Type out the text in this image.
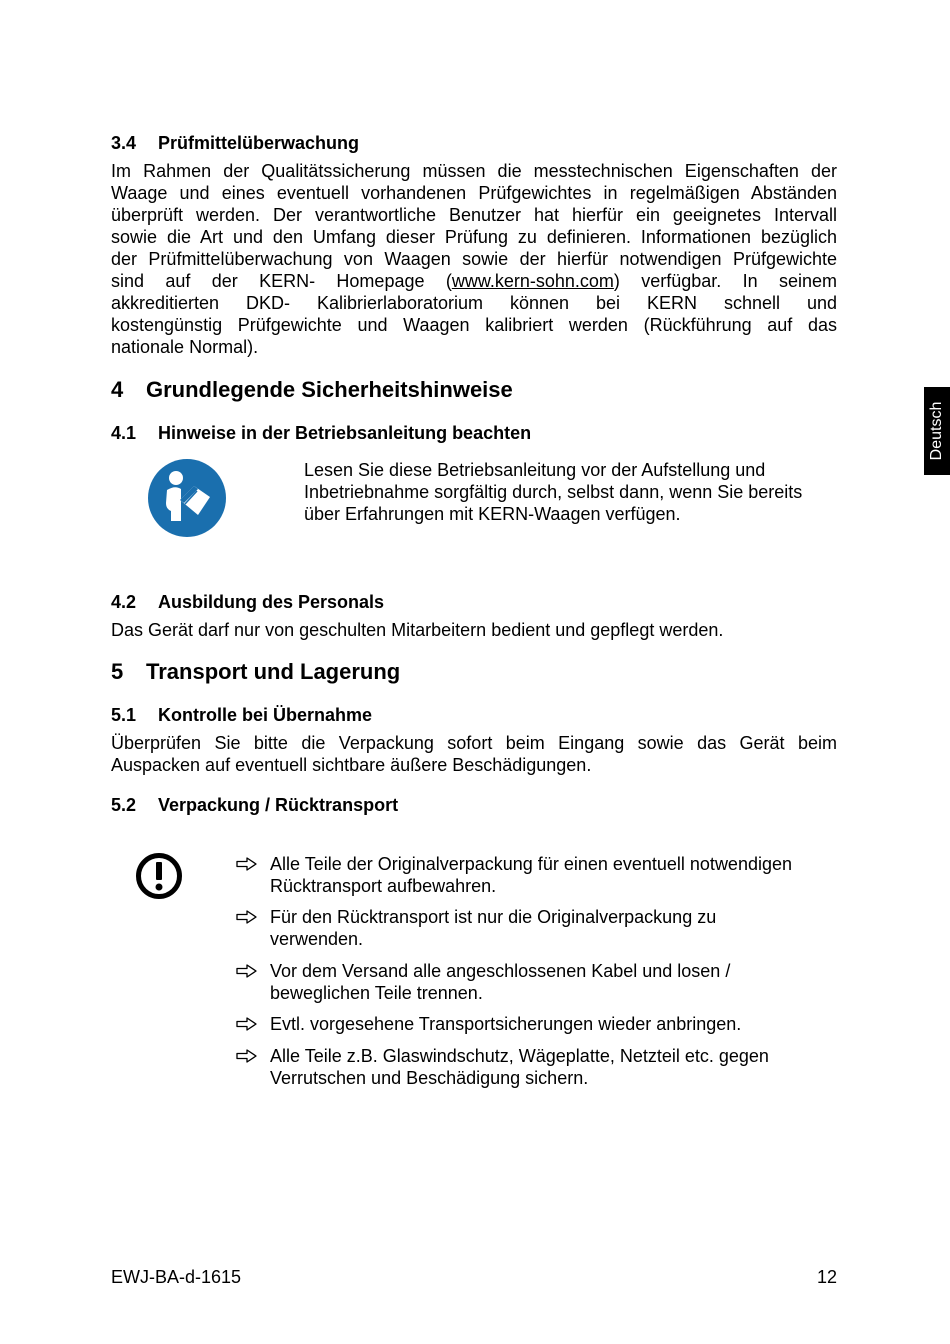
Deutsch
3.4 Prüfmittelüberwachung
Im Rahmen der Qualitätssicherung müssen die messtechnischen Eigenschaften der
Waage und eines eventuell vorhandenen Prüfgewichtes in regelmäßigen Abständen
überprüft werden. Der verantwortliche Benutzer hat hierfür ein geeignetes Intervall
sowie die Art und den Umfang dieser Prüfung zu definieren. Informationen bezüglich
der Prüfmittelüberwachung von Waagen sowie der hierfür notwendigen Prüfgewichte
sind auf der KERN- Homepage (www.kern-sohn.com) verfügbar. In seinem
akkreditierten DKD- Kalibrierlaboratorium können bei KERN schnell und
kostengünstig Prüfgewichte und Waagen kalibriert werden (Rückführung auf das
nationale Normal).
4 Grundlegende Sicherheitshinweise
4.1 Hinweise in der Betriebsanleitung beachten
Lesen Sie diese Betriebsanleitung vor der Aufstellung und
Inbetriebnahme sorgfältig durch, selbst dann, wenn Sie bereits
über Erfahrungen mit KERN-Waagen verfügen.
4.2 Ausbildung des Personals
Das Gerät darf nur von geschulten Mitarbeitern bedient und gepflegt werden.
5 Transport und Lagerung
5.1 Kontrolle bei Übernahme
Überprüfen Sie bitte die Verpackung sofort beim Eingang sowie das Gerät beim
Auspacken auf eventuell sichtbare äußere Beschädigungen.
5.2 Verpackung / Rücktransport
Alle Teile der Originalverpackung für einen eventuell notwendigen
Rücktransport aufbewahren.
Für den Rücktransport ist nur die Originalverpackung zu
verwenden.
Vor dem Versand alle angeschlossenen Kabel und losen /
beweglichen Teile trennen.
Evtl. vorgesehene Transportsicherungen wieder anbringen.
Alle Teile z.B. Glaswindschutz, Wägeplatte, Netzteil etc. gegen
Verrutschen und Beschädigung sichern.
EWJ-BA-d-1615	12
